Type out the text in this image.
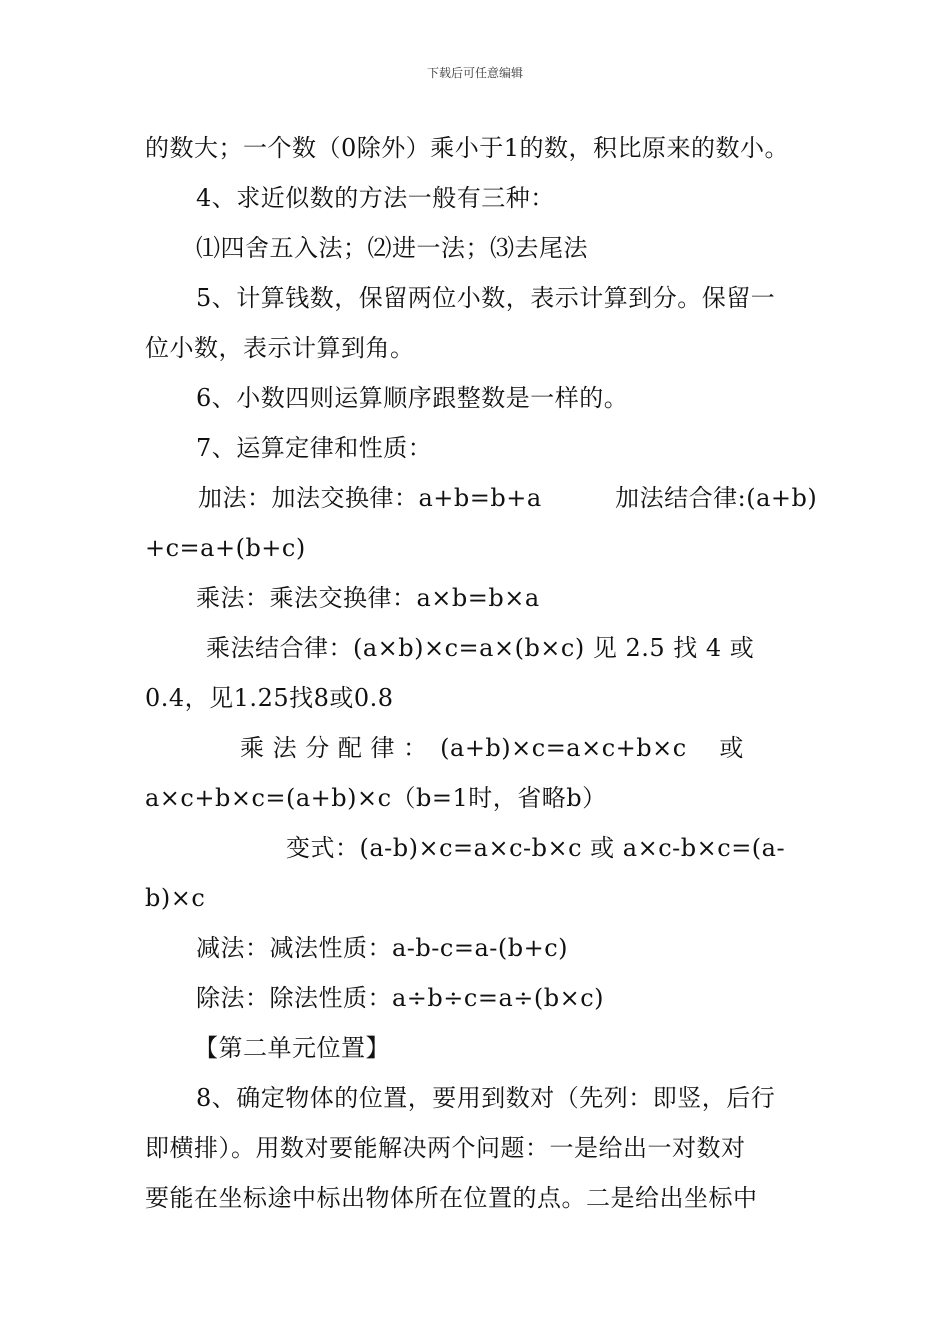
下载后可任意编辑
的数大；一个数（0除外）乘小于1的数，积比原来的数小。
4、求近似数的方法一般有三种：
⑴四舍五入法；⑵进一法；⑶去尾法
5、计算钱数，保留两位小数，表示计算到分。保留一
位小数，表示计算到角。
6、小数四则运算顺序跟整数是一样的。
7、运算定律和性质：
加法：加法交换律：a+b=b+a　　　加法结合律:(a+b)
+c=a+(b+c)
乘法：乘法交换律：a×b=b×a
乘法结合律：(a×b)×c=a×(b×c) 见 2.5 找 4 或
0.4，见1.25找8或0.8
乘 法 分 配 律 ：　(a+b)×c=a×c+b×c　 或
a×c+b×c=(a+b)×c（b=1时，省略b）
变式：(a-b)×c=a×c-b×c 或 a×c-b×c=(a-
b)×c
减法：减法性质：a-b-c=a-(b+c)
除法：除法性质：a÷b÷c=a÷(b×c)
【第二单元位置】
8、确定物体的位置，要用到数对（先列：即竖，后行
即横排）。用数对要能解决两个问题：一是给出一对数对
要能在坐标途中标出物体所在位置的点。二是给出坐标中
